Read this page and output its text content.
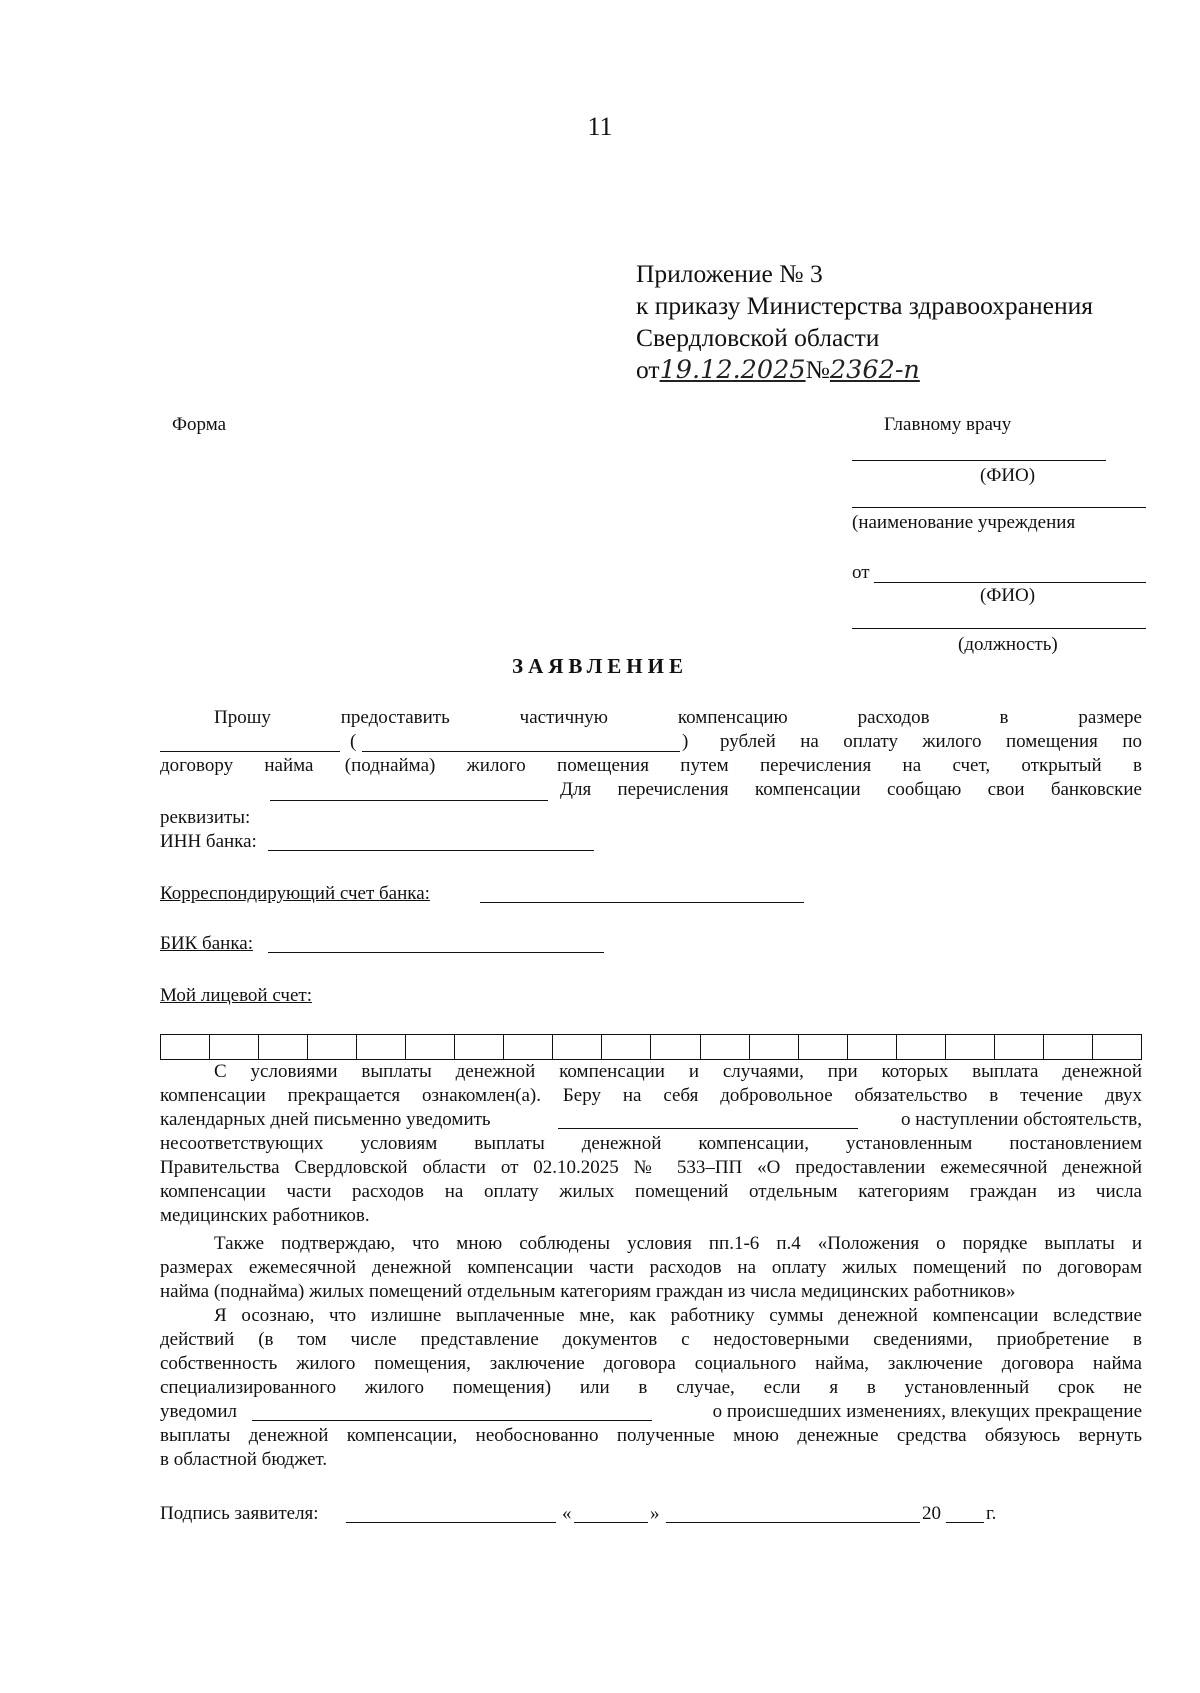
11
Приложение № 3
к приказу Министерства здравоохранения
Свердловской области
от19.12.2025№2362-п
Форма	Главному врачу
(ФИО)
(наименование учреждения
от
(ФИО)
(должность)
ЗАЯВЛЕНИЕ
Прошу предоставить частичную компенсацию расходов в размере
(	) рублей на оплату жилого помещения по
договору найма (поднайма) жилого помещения путем перечисления на счет, открытый в
Для перечисления компенсации сообщаю свои банковские
реквизиты:
ИНН банка:
Корреспондирующий счет банка:
БИК банка:
Мой лицевой счет:
С условиями выплаты денежной компенсации и случаями, при которых выплата денежной
компенсации прекращается ознакомлен(а). Беру на себя добровольное обязательство в течение двух
календарных дней письменно уведомить	о наступлении обстоятельств,
несоответствующих условиям выплаты денежной компенсации, установленным постановлением
Правительства Свердловской области от 02.10.2025 № 533–ПП «О предоставлении ежемесячной денежной
компенсации части расходов на оплату жилых помещений отдельным категориям граждан из числа
медицинских работников.
Также подтверждаю, что мною соблюдены условия пп.1-6 п.4 «Положения о порядке выплаты и
размерах ежемесячной денежной компенсации части расходов на оплату жилых помещений по договорам
найма (поднайма) жилых помещений отдельным категориям граждан из числа медицинских работников»
Я осознаю, что излишне выплаченные мне, как работнику суммы денежной компенсации вследствие
действий (в том числе представление документов с недостоверными сведениями, приобретение в
собственность жилого помещения, заключение договора социального найма, заключение договора найма
специализированного жилого помещения) или в случае, если я в установленный срок не
уведомил	о происшедших изменениях, влекущих прекращение
выплаты денежной компенсации, необоснованно полученные мною денежные средства обязуюсь вернуть
в областной бюджет.
Подпись заявителя:	«	»	20 г.
